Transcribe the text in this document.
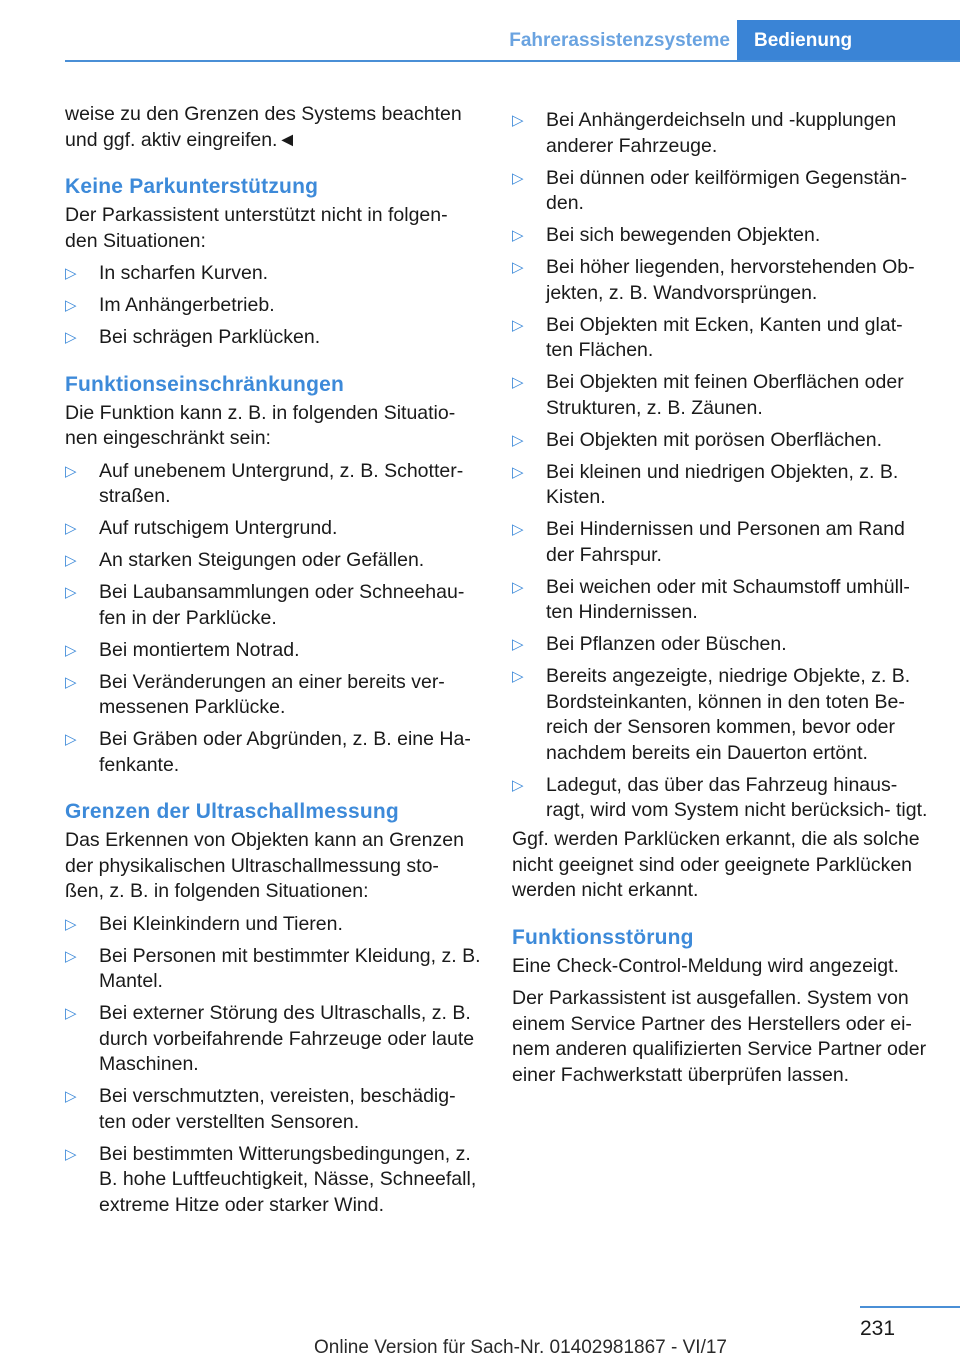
Fahrerassistenzsysteme Bedienung

weise zu den Grenzen des Systems beachten und ggf. aktiv eingreifen.◄

Keine Parkunterstützung

Der Parkassistent unterstützt nicht in folgen- den Situationen:

▷ In scharfen Kurven.
▷ Im Anhängerbetrieb.
▷ Bei schrägen Parklücken.
Funktionseinschränkungen

Die Funktion kann z. B. in folgenden Situatio- nen eingeschränkt sein:

▷ Auf unebenem Untergrund, z. B. Schotter- straßen.
▷ Auf rutschigem Untergrund.
▷ An starken Steigungen oder Gefällen.
▷ Bei Laubansammlungen oder Schneehau- fen in der Parklücke.
▷ Bei montiertem Notrad.
▷ Bei Veränderungen an einer bereits ver- messenen Parklücke.
▷ Bei Gräben oder Abgründen, z. B. eine Ha- fenkante.
Grenzen der Ultraschallmessung

Das Erkennen von Objekten kann an Grenzen der physikalischen Ultraschallmessung sto- ßen, z. B. in folgenden Situationen:

▷ Bei Kleinkindern und Tieren.
▷ Bei Personen mit bestimmter Kleidung, z. B. Mantel.
▷ Bei externer Störung des Ultraschalls, z. B. durch vorbeifahrende Fahrzeuge oder laute Maschinen.
▷ Bei verschmutzten, vereisten, beschädig- ten oder verstellten Sensoren.
▷ Bei bestimmten Witterungsbedingungen, z. B. hohe Luftfeuchtigkeit, Nässe, Schneefall, extreme Hitze oder starker Wind.
▷ Bei Anhängerdeichseln und -kupplungen anderer Fahrzeuge.
▷ Bei dünnen oder keilförmigen Gegenstän- den.
▷ Bei sich bewegenden Objekten.
▷ Bei höher liegenden, hervorstehenden Ob- jekten, z. B. Wandvorsprüngen.
▷ Bei Objekten mit Ecken, Kanten und glat- ten Flächen.
▷ Bei Objekten mit feinen Oberflächen oder Strukturen, z. B. Zäunen.
▷ Bei Objekten mit porösen Oberflächen.
▷ Bei kleinen und niedrigen Objekten, z. B. Kisten.
▷ Bei Hindernissen und Personen am Rand der Fahrspur.
▷ Bei weichen oder mit Schaumstoff umhüll- ten Hindernissen.
▷ Bei Pflanzen oder Büschen.
▷ Bereits angezeigte, niedrige Objekte, z. B. Bordsteinkanten, können in den toten Be- reich der Sensoren kommen, bevor oder nachdem bereits ein Dauerton ertönt.
▷ Ladegut, das über das Fahrzeug hinaus- ragt, wird vom System nicht berücksich- tigt.

Ggf. werden Parklücken erkannt, die als solche nicht geeignet sind oder geeignete Parklücken werden nicht erkannt.

Funktionsstörung

Eine Check-Control-Meldung wird angezeigt.

Der Parkassistent ist ausgefallen. System von einem Service Partner des Herstellers oder ei- nem anderen qualifizierten Service Partner oder einer Fachwerkstatt überprüfen lassen.

231
Online Version für Sach-Nr. 01402981867 - VI/17
